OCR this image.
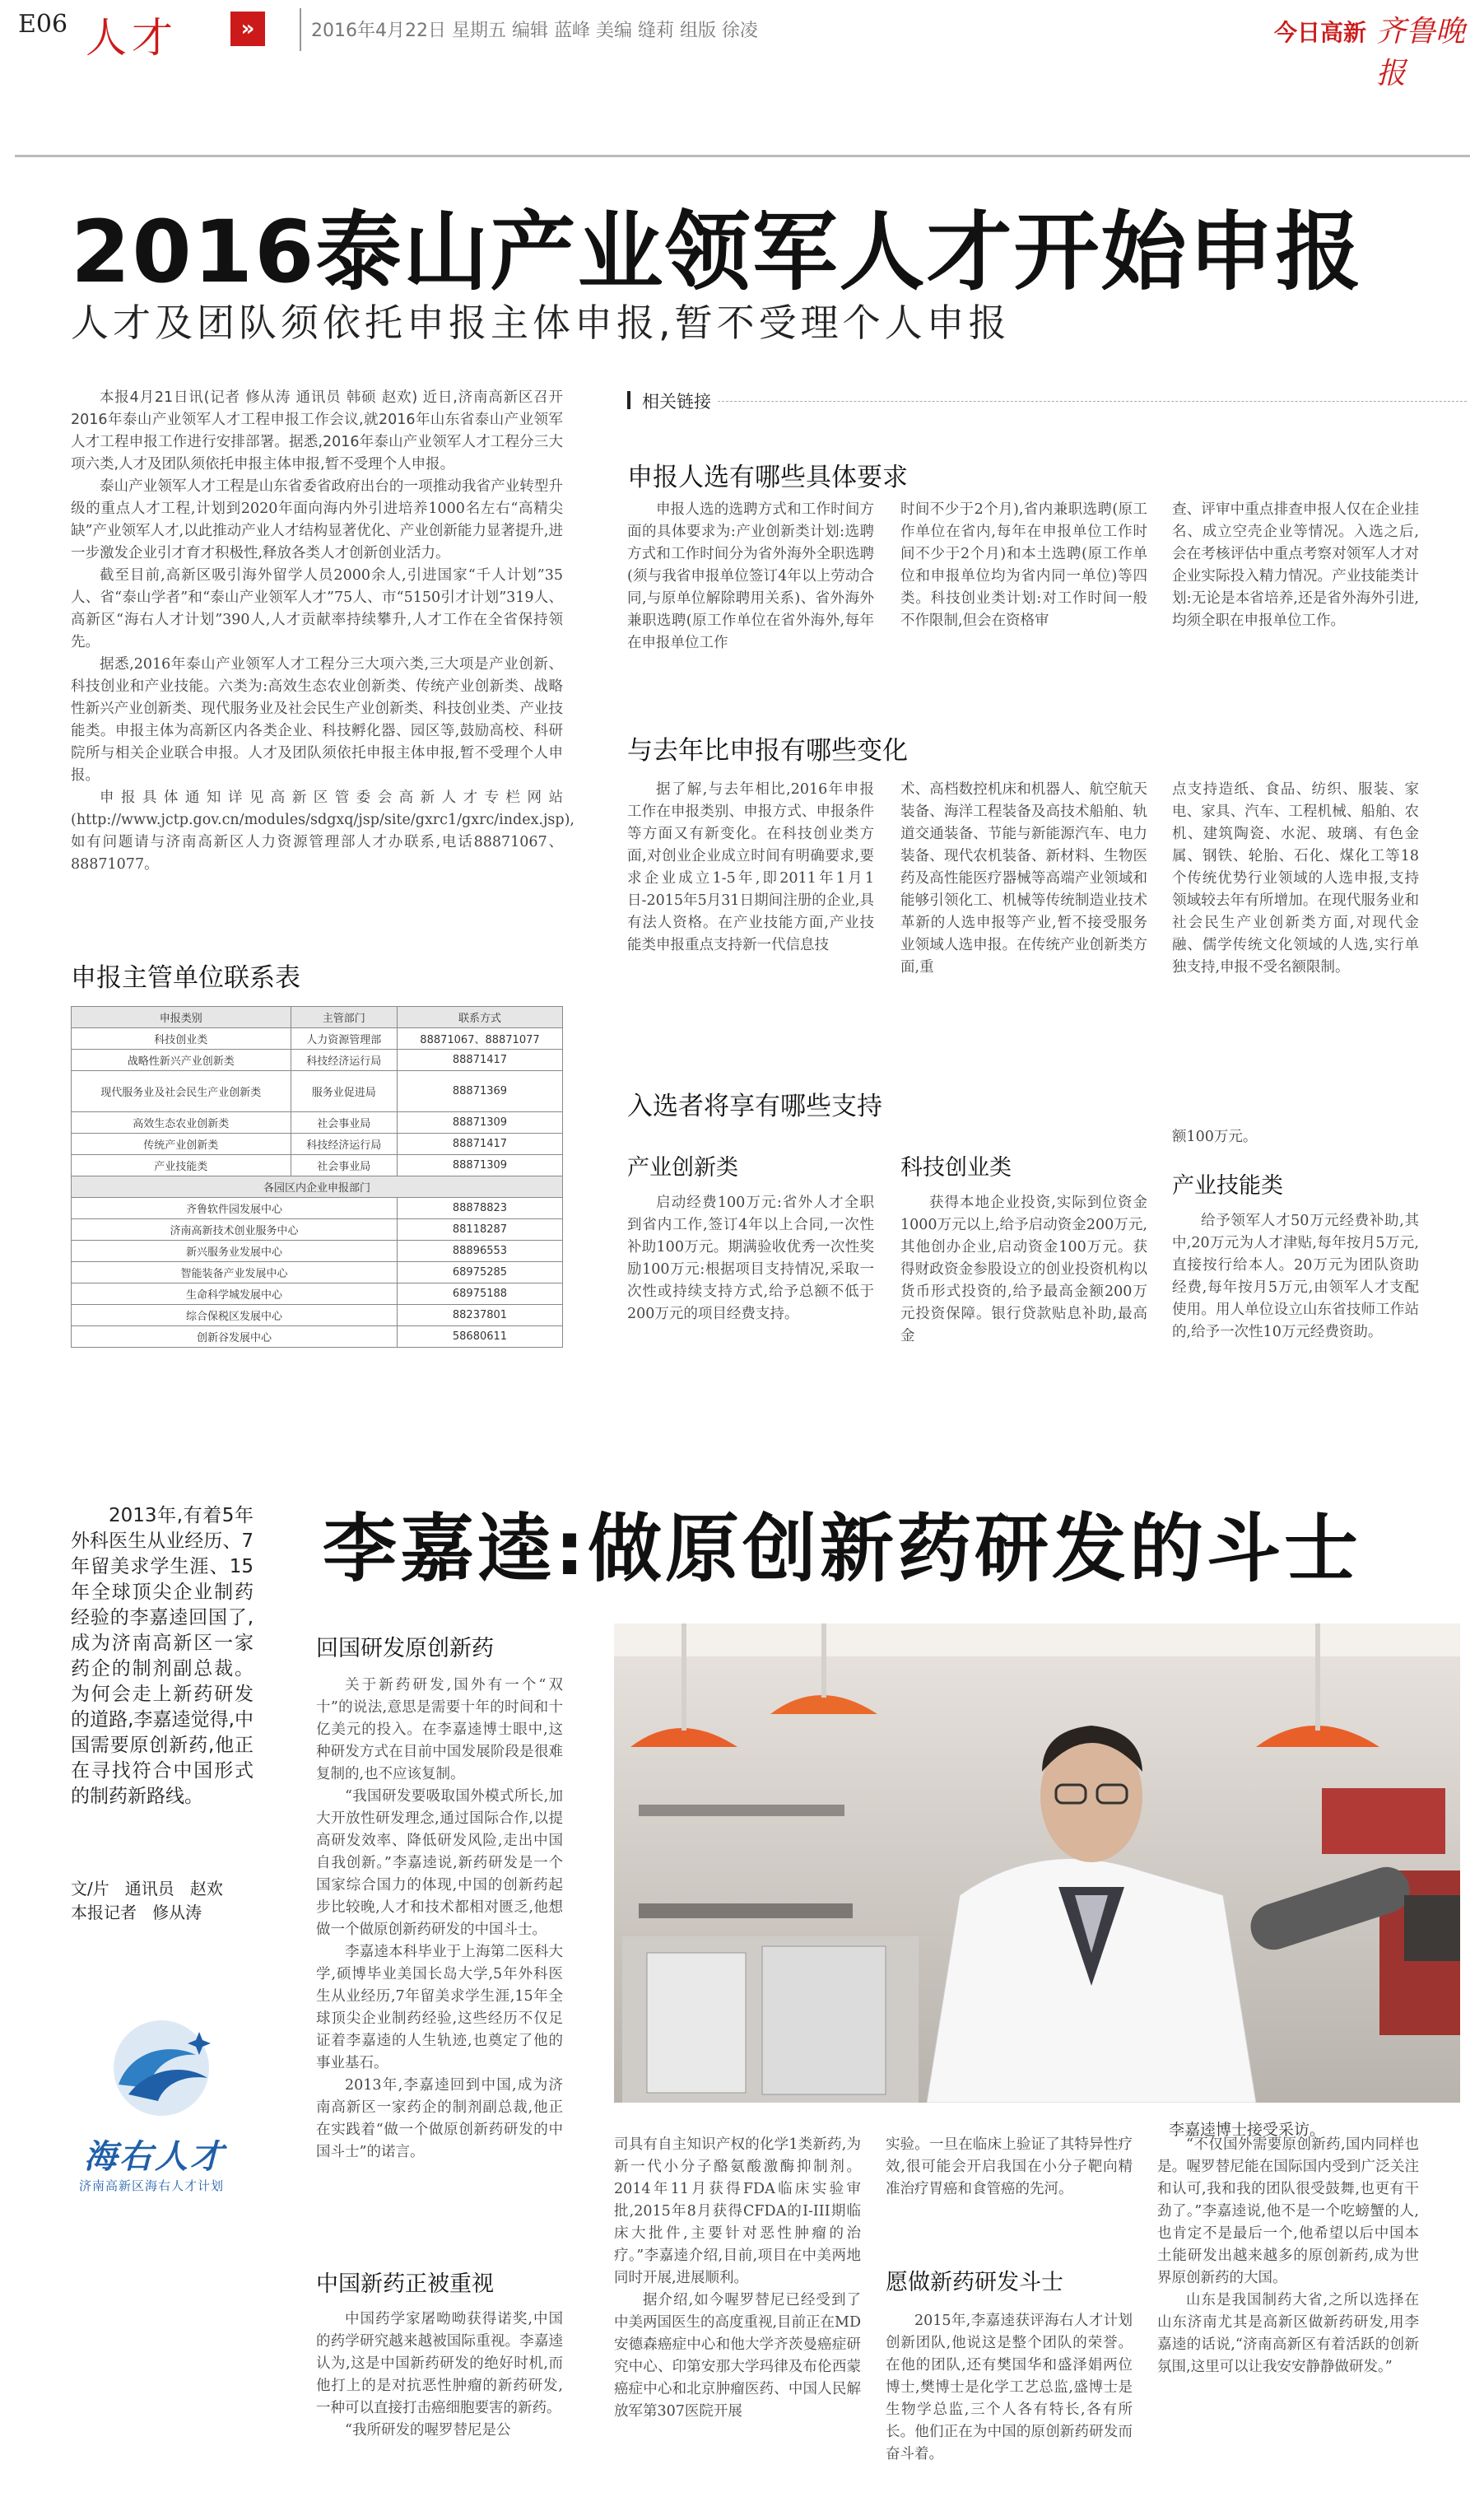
E06 人才	»	2016年4月22日 星期五 编辑 蓝峰 美编 缝莉 组版 徐凌	今日高新 齐鲁晚报
2016泰山产业领军人才开始申报
人才及团队须依托申报主体申报,暂不受理个人申报

本报4月21日讯(记者 修从涛 通讯员 韩硕 赵欢) 近日,济南高新区召开2016年泰山产业领军人才工程申报工作会议,就2016年山东省泰山产业领军人才工程申报工作进行安排部署。据悉,2016年泰山产业领军人才工程分三大项六类,人才及团队须依托申报主体申报,暂不受理个人申报。

泰山产业领军人才工程是山东省委省政府出台的一项推动我省产业转型升级的重点人才工程,计划到2020年面向海内外引进培养1000名左右“高精尖缺”产业领军人才,以此推动产业人才结构显著优化、产业创新能力显著提升,进一步激发企业引才育才积极性,释放各类人才创新创业活力。

截至目前,高新区吸引海外留学人员2000余人,引进国家“千人计划”35人、省“泰山学者”和“泰山产业领军人才”75人、市“5150引才计划”319人、高新区“海右人才计划”390人,人才贡献率持续攀升,人才工作在全省保持领先。

据悉,2016年泰山产业领军人才工程分三大项六类,三大项是产业创新、科技创业和产业技能。六类为:高效生态农业创新类、传统产业创新类、战略性新兴产业创新类、现代服务业及社会民生产业创新类、科技创业类、产业技能类。申报主体为高新区内各类企业、科技孵化器、园区等,鼓励高校、科研院所与相关企业联合申报。人才及团队须依托申报主体申报,暂不受理个人申报。

申报具体通知详见高新区管委会高新人才专栏网站(http://www.jctp.gov.cn/modules/sdgxq/jsp/site/gxrc1/gxrc/index.jsp),如有问题请与济南高新区人力资源管理部人才办联系,电话88871067、88871077。

相关链接
申报人选有哪些具体要求

申报人选的选聘方式和工作时间方面的具体要求为:产业创新类计划:选聘方式和工作时间分为省外海外全职选聘(须与我省申报单位签订4年以上劳动合同,与原单位解除聘用关系)、省外海外兼职选聘(原工作单位在省外海外,每年在申报单位工作

时间不少于2个月),省内兼职选聘(原工作单位在省内,每年在申报单位工作时间不少于2个月)和本土选聘(原工作单位和申报单位均为省内同一单位)等四类。科技创业类计划:对工作时间一般不作限制,但会在资格审

查、评审中重点排查申报人仅在企业挂名、成立空壳企业等情况。入选之后,会在考核评估中重点考察对领军人才对企业实际投入精力情况。产业技能类计划:无论是本省培养,还是省外海外引进,均须全职在申报单位工作。

与去年比申报有哪些变化

据了解,与去年相比,2016年申报工作在申报类别、申报方式、申报条件等方面又有新变化。在科技创业类方面,对创业企业成立时间有明确要求,要求企业成立1-5年,即2011年1月1日-2015年5月31日期间注册的企业,具有法人资格。在产业技能方面,产业技能类申报重点支持新一代信息技

术、高档数控机床和机器人、航空航天装备、海洋工程装备及高技术船舶、轨道交通装备、节能与新能源汽车、电力装备、现代农机装备、新材料、生物医药及高性能医疗器械等高端产业领域和能够引领化工、机械等传统制造业技术革新的人选申报等产业,暂不接受服务业领域人选申报。在传统产业创新类方面,重

点支持造纸、食品、纺织、服装、家电、家具、汽车、工程机械、船舶、农机、建筑陶瓷、水泥、玻璃、有色金属、钢铁、轮胎、石化、煤化工等18个传统优势行业领域的人选申报,支持领域较去年有所增加。在现代服务业和社会民生产业创新类方面,对现代金融、儒学传统文化领域的人选,实行单独支持,申报不受名额限制。

入选者将享有哪些支持
产业创新类

启动经费100万元:省外人才全职到省内工作,签订4年以上合同,一次性补助100万元。期满验收优秀一次性奖励100万元:根据项目支持情况,采取一次性或持续支持方式,给予总额不低于200万元的项目经费支持。

科技创业类

获得本地企业投资,实际到位资金1000万元以上,给予启动资金200万元,其他创办企业,启动资金100万元。获得财政资金参股设立的创业投资机构以货币形式投资的,给予最高金额200万元投资保障。银行贷款贴息补助,最高金

额100万元。

产业技能类

给予领军人才50万元经费补助,其中,20万元为人才津贴,每年按月5万元,直接按行给本人。20万元为团队资助经费,每年按月5万元,由领军人才支配使用。用人单位设立山东省技师工作站的,给予一次性10万元经费资助。

申报主管单位联系表
申报类别	主管部门	联系方式
科技创业类	人力资源管理部	88871067、88871077
战略性新兴产业创新类	科技经济运行局	88871417
现代服务业及社会民生产业创新类	服务业促进局	88871369
高效生态农业创新类	社会事业局	88871309
传统产业创新类	科技经济运行局	88871417
产业技能类	社会事业局	88871309
各园区内企业申报部门		
齐鲁软件园发展中心		88878823
济南高新技术创业服务中心		88118287
新兴服务业发展中心		88896553
智能装备产业发展中心		68975285
生命科学城发展中心		68975188
综合保税区发展中心		88237801
创新谷发展中心		58680611
李嘉逵:做原创新药研发的斗士

2013年,有着5年外科医生从业经历、7年留美求学生涯、15年全球顶尖企业制药经验的李嘉逵回国了,成为济南高新区一家药企的制剂副总裁。为何会走上新药研发的道路,李嘉逵觉得,中国需要原创新药,他正在寻找符合中国形式的制药新路线。

文/片   通讯员   赵欢
本报记者   修从涛
海右人才
济南高新区海右人才计划
李嘉逵博士接受采访。
回国研发原创新药

关于新药研发,国外有一个“双十”的说法,意思是需要十年的时间和十亿美元的投入。在李嘉逵博士眼中,这种研发方式在目前中国发展阶段是很难复制的,也不应该复制。

“我国研发要吸取国外模式所长,加大开放性研发理念,通过国际合作,以提高研发效率、降低研发风险,走出中国自我创新。”李嘉逵说,新药研发是一个国家综合国力的体现,中国的创新药起步比较晚,人才和技术都相对匮乏,他想做一个做原创新药研发的中国斗士。

李嘉逵本科毕业于上海第二医科大学,硕博毕业美国长岛大学,5年外科医生从业经历,7年留美求学生涯,15年全球顶尖企业制药经验,这些经历不仅足证着李嘉逵的人生轨迹,也奠定了他的事业基石。

2013年,李嘉逵回到中国,成为济南高新区一家药企的制剂副总裁,他正在实践着“做一个做原创新药研发的中国斗士”的诺言。

中国新药正被重视

中国药学家屠呦呦获得诺奖,中国的药学研究越来越被国际重视。李嘉逵认为,这是中国新药研发的绝好时机,而他打上的是对抗恶性肿瘤的新药研发,一种可以直接打击癌细胞要害的新药。

“我所研发的喔罗替尼是公

司具有自主知识产权的化学1类新药,为新一代小分子酪氨酸激酶抑制剂。2014年11月获得FDA临床实验审批,2015年8月获得CFDA的I-III期临床大批件,主要针对恶性肿瘤的治疗。”李嘉逵介绍,目前,项目在中美两地同时开展,进展顺利。

据介绍,如今喔罗替尼已经受到了中美两国医生的高度重视,目前正在MD安德森癌症中心和他大学齐茨曼癌症研究中心、印第安那大学玛律及布伦西蒙癌症中心和北京肿瘤医药、中国人民解放军第307医院开展

实验。一旦在临床上验证了其特异性疗效,很可能会开启我国在小分子靶向精准治疗胃癌和食管癌的先河。

愿做新药研发斗士

2015年,李嘉逵获评海右人才计划创新团队,他说这是整个团队的荣誉。在他的团队,还有樊国华和盛泽娟两位博士,樊博士是化学工艺总监,盛博士是生物学总监,三个人各有特长,各有所长。他们正在为中国的原创新药研发而奋斗着。

“不仅国外需要原创新药,国内同样也是。喔罗替尼能在国际国内受到广泛关注和认可,我和我的团队很受鼓舞,也更有干劲了。”李嘉逵说,他不是一个吃螃蟹的人,也肯定不是最后一个,他希望以后中国本土能研发出越来越多的原创新药,成为世界原创新药的大国。

山东是我国制药大省,之所以选择在山东济南尤其是高新区做新药研发,用李嘉逵的话说,“济南高新区有着活跃的创新氛围,这里可以让我安安静静做研发。”
